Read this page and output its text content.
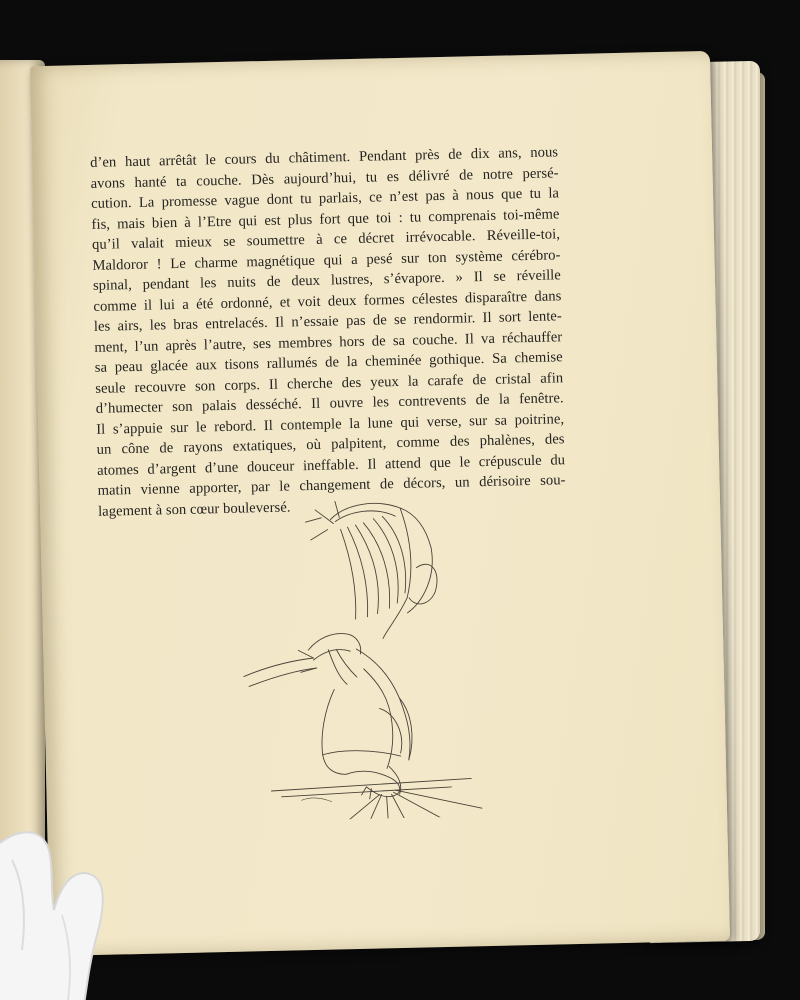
d’en haut arrêtât le cours du châtiment. Pendant près de dix ans, nous
avons hanté ta couche. Dès aujourd’hui, tu es délivré de notre persé-
cution. La promesse vague dont tu parlais, ce n’est pas à nous que tu la
fis, mais bien à l’Etre qui est plus fort que toi : tu comprenais toi-même
qu’il valait mieux se soumettre à ce décret irrévocable. Réveille-toi,
Maldoror ! Le charme magnétique qui a pesé sur ton système cérébro-
spinal, pendant les nuits de deux lustres, s’évapore. » Il se réveille
comme il lui a été ordonné, et voit deux formes célestes disparaître dans
les airs, les bras entrelacés. Il n’essaie pas de se rendormir. Il sort lente-
ment, l’un après l’autre, ses membres hors de sa couche. Il va réchauffer
sa peau glacée aux tisons rallumés de la cheminée gothique. Sa chemise
seule recouvre son corps. Il cherche des yeux la carafe de cristal afin
d’humecter son palais desséché. Il ouvre les contrevents de la fenêtre.
Il s’appuie sur le rebord. Il contemple la lune qui verse, sur sa poitrine,
un cône de rayons extatiques, où palpitent, comme des phalènes, des
atomes d’argent d’une douceur ineffable. Il attend que le crépuscule du
matin vienne apporter, par le changement de décors, un dérisoire sou-
lagement à son cœur bouleversé.
